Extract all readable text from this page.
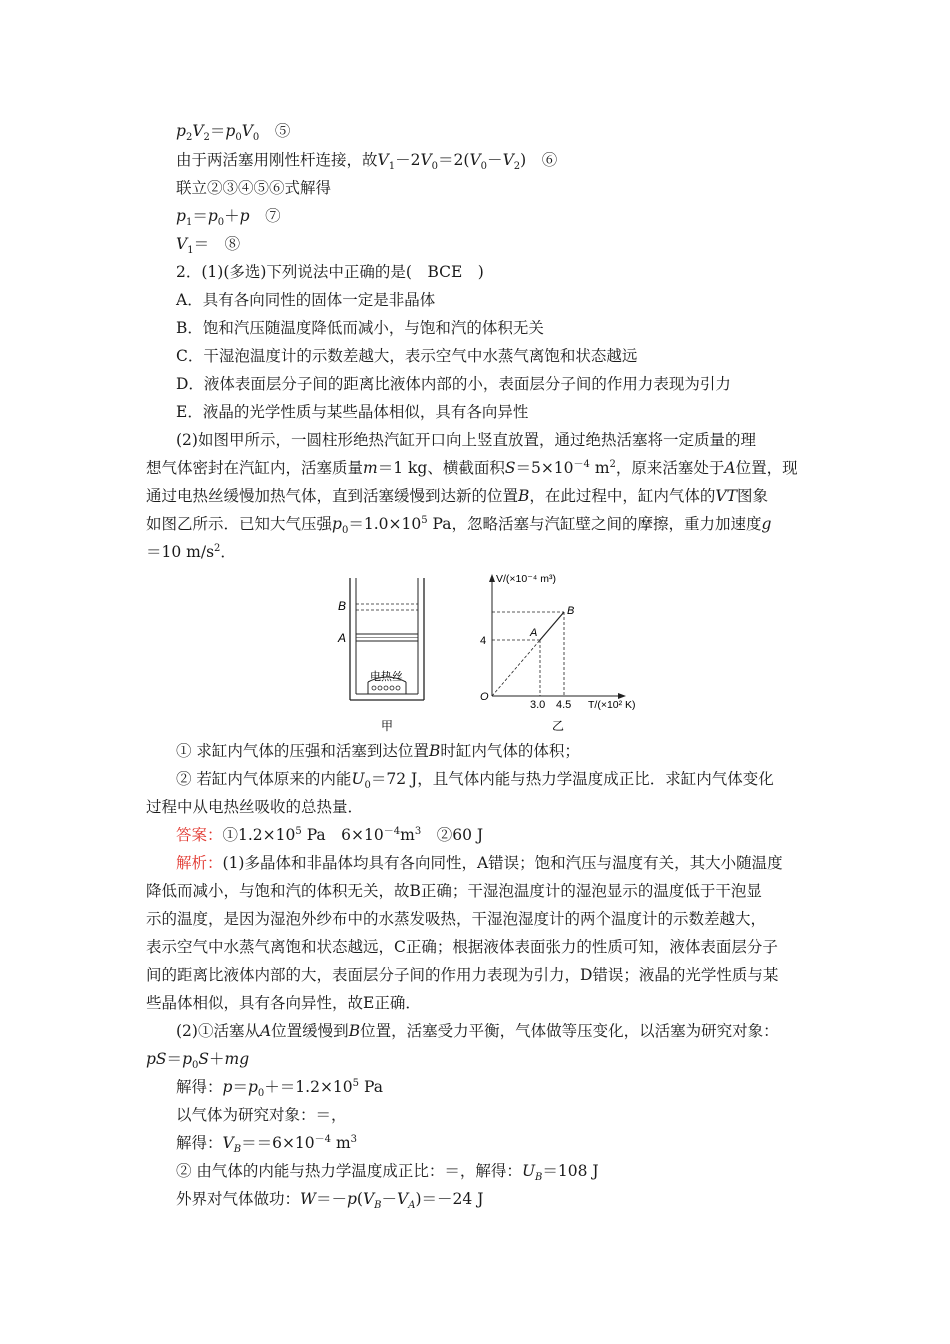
$p_2V_2=p_0V_0$　 ⑤
由于两活塞用刚性杆连接，故$V_1-2V_0=2(V_0-V_2)$　⑥
联立②③④⑤⑥式解得
$p_1=p_0+p$　 ⑦
$V_1=$　⑧
2．(1)(多选)下列说法中正确的是(　BCE　)
A．具有各向同性的固体一定是非晶体
B．饱和汽压随温度降低而减小，与饱和汽的体积无关
C．干湿泡温度计的示数差越大，表示空气中水蒸气离饱和状态越远
D．液体表面层分子间的距离比液体内部的小，表面层分子间的作用力表现为引力
E．液晶的光学性质与某些晶体相似，具有各向异性
(2)如图甲所示，一圆柱形绝热汽缸开口向上竖直放置，通过绝热活塞将一定质量的理
想气体密封在汽缸内，活塞质量m＝1 kg、横截面积$S=5\times 10^{-4}$ $m^2$，原来活塞处于A位置，现
通过电热丝缓慢加热气体，直到活塞缓慢到达新的位置B，在此过程中，缸内气体的VT图象
如图乙所示．已知大气压强$p_0=1.0\times 10^5$ Pa，忽略活塞与汽缸壁之间的摩擦，重力加速度g
＝10 $m/s^2$．
B
A
电热丝
甲
V/(×10⁻⁴ m³)
T/(×10² K)
O
4
3.0 4.5
A
B
乙
① 求缸内气体的压强和活塞到达位置B时缸内气体的体积；
② 若缸内气体原来的内能$U_0=72$ J，且气体内能与热力学温度成正比．求缸内气体变化
过程中从电热丝吸收的总热量．
答案：$①1.2\times 10^5$ Pa　$6\times 10^{-4}m^3$　②60 J
解析：(1)多晶体和非晶体均具有各向同性，A错误；饱和汽压与温度有关，其大小随温度
降低而减小，与饱和汽的体积无关，故B正确；干湿泡温度计的湿泡显示的温度低于干泡显
示的温度，是因为湿泡外纱布中的水蒸发吸热，干湿泡湿度计的两个温度计的示数差越大，
表示空气中水蒸气离饱和状态越远，C正确；根据液体表面张力的性质可知，液体表面层分子
间的距离比液体内部的大，表面层分子间的作用力表现为引力，D错误；液晶的光学性质与某
些晶体相似，具有各向异性，故E正确．
(2)①活塞从A位置缓慢到B位置，活塞受力平衡，气体做等压变化，以活塞为研究对象：
$pS=p_0S+mg$
解得：$p=p_0+=1.2\times 10^5$ Pa
以气体为研究对象：＝，
解得：$V_B==6\times 10^{-4}$ $m^3$
② 由气体的内能与热力学温度成正比：＝，解得：$U_B=108$ J
外界对气体做功：$W=-p(V_B-V_A)=-24$ J
